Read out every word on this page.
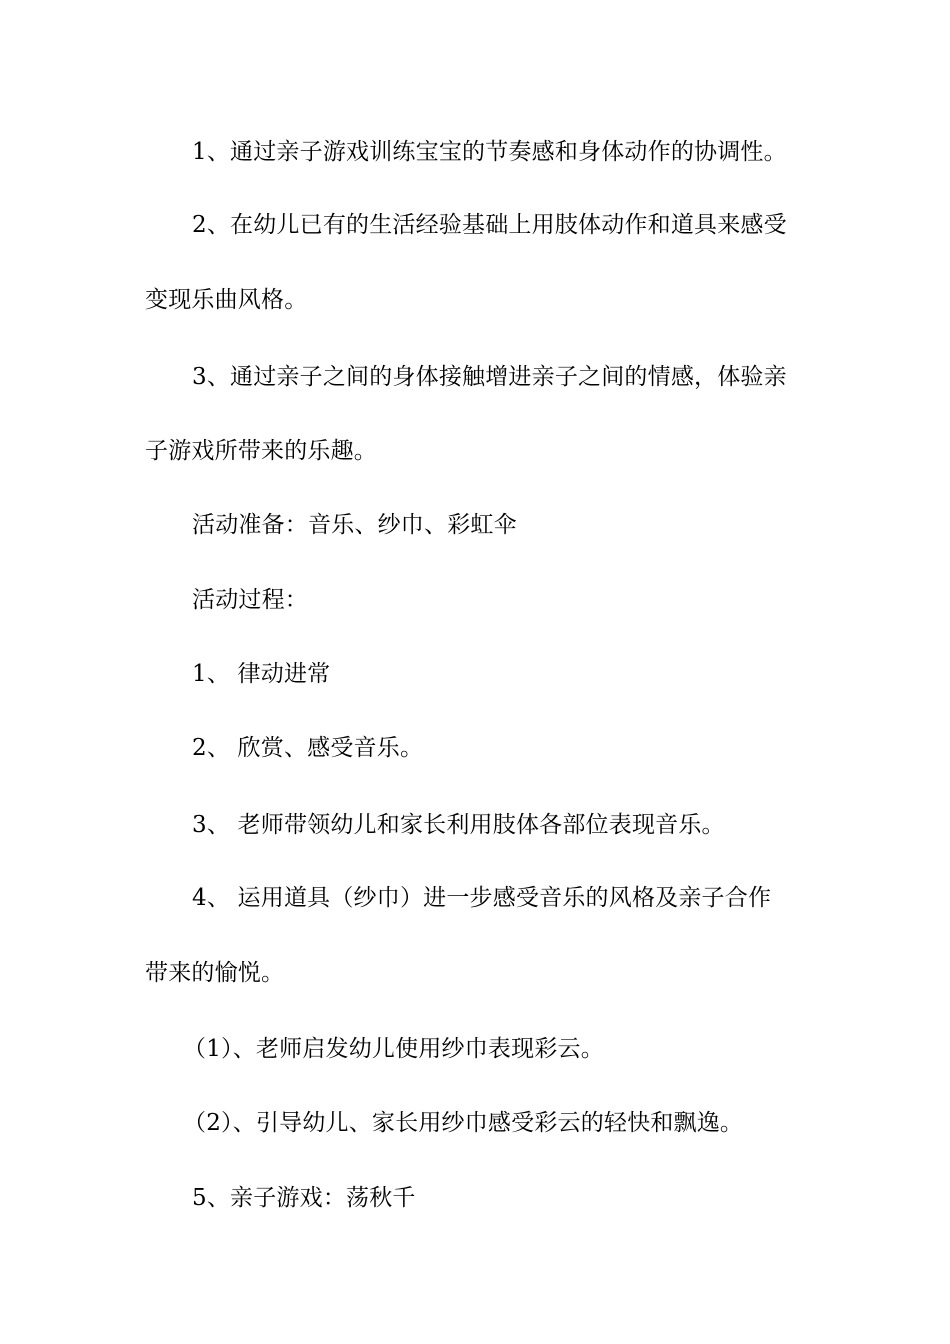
1、通过亲子游戏训练宝宝的节奏感和身体动作的协调性。
2、在幼儿已有的生活经验基础上用肢体动作和道具来感受
变现乐曲风格。
3、通过亲子之间的身体接触增进亲子之间的情感，体验亲
子游戏所带来的乐趣。
活动准备：音乐、纱巾、彩虹伞
活动过程：
1、 律动进常
2、 欣赏、感受音乐。
3、 老师带领幼儿和家长利用肢体各部位表现音乐。
4、 运用道具（纱巾）进一步感受音乐的风格及亲子合作
带来的愉悦。
（1）、老师启发幼儿使用纱巾表现彩云。
（2）、引导幼儿、家长用纱巾感受彩云的轻快和飘逸。
5、亲子游戏：荡秋千
